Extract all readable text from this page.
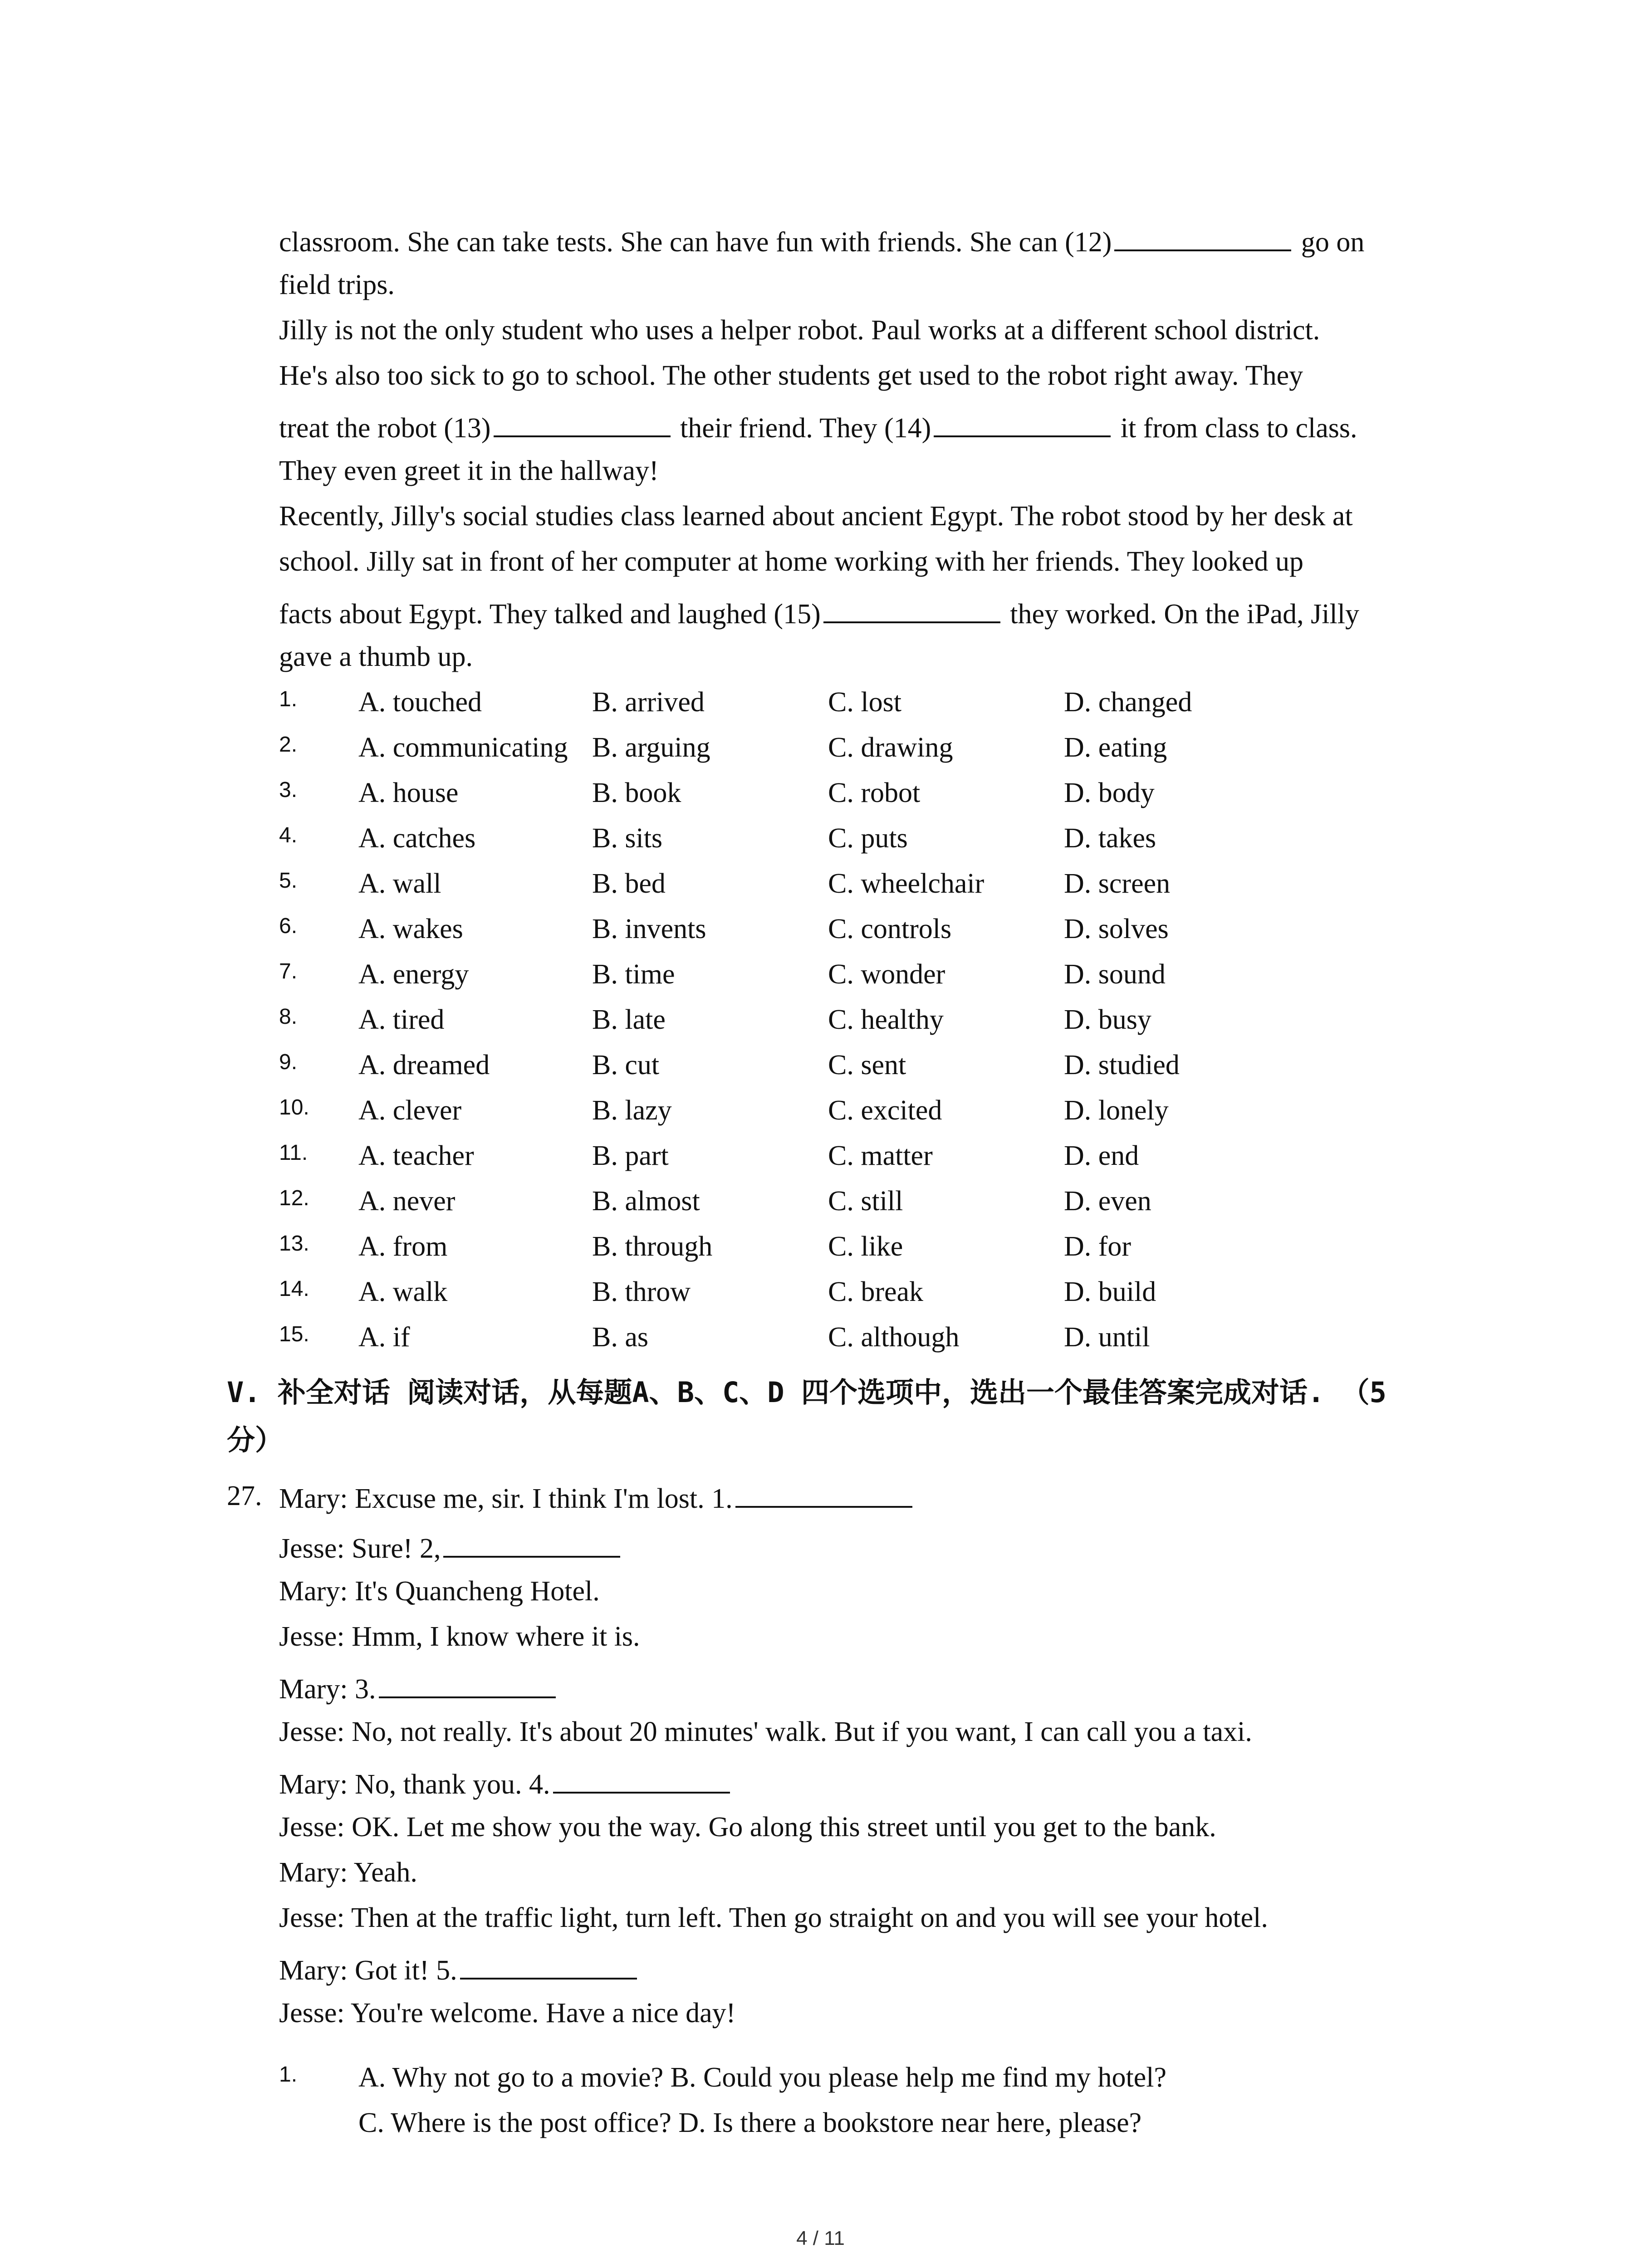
classroom. She can take tests. She can have fun with friends. She can (12)	go on
field trips.
Jilly is not the only student who uses a helper robot. Paul works at a different school district.
He's also too sick to go to school. The other students get used to the robot right away. They
treat the robot (13)	their friend. They (14)	it from class to class.
They even greet it in the hallway!
Recently, Jilly's social studies class learned about ancient Egypt. The robot stood by her desk at
school. Jilly sat in front of her computer at home working with her friends. They looked up
facts about Egypt. They talked and laughed (15)	they worked. On the iPad, Jilly
gave a thumb up.
1. A. touched	B. arrived	C. lost	D. changed
2. A. communicating B. arguing	C. drawing	D. eating
3. A. house	B. book	C. robot	D. body
4. A. catches	B. sits	C. puts	D. takes
5. A. wall	B. bed	C. wheelchair	D. screen
6. A. wakes	B. invents	C. controls	D. solves
7. A. energy	B. time	C. wonder	D. sound
8. A. tired	B. late	C. healthy	D. busy
9. A. dreamed	B. cut	C. sent	D. studied
10. A. clever	B. lazy	C. excited	D. lonely
11. A. teacher	B. part	C. matter	D. end
12. A. never	B. almost	C. still	D. even
13. A. from	B. through	C. like	D. for
14. A. walk	B. throw	C. break	D. build
15. A. if	B. as	C. although	D. until
V. 补全对话 阅读对话，从每题A、B、C、D 四个选项中，选出一个最佳答案完成对话. （5
分）
27. Mary: Excuse me, sir. I think I'm lost. 1.
Jesse: Sure! 2,
Mary: It's Quancheng Hotel.
Jesse: Hmm, I know where it is.
Mary: 3.
Jesse: No, not really. It's about 20 minutes' walk. But if you want, I can call you a taxi.
Mary: No, thank you. 4.
Jesse: OK. Let me show you the way. Go along this street until you get to the bank.
Mary: Yeah.
Jesse: Then at the traffic light, turn left. Then go straight on and you will see your hotel.
Mary: Got it! 5.
Jesse: You're welcome. Have a nice day!
1. A. Why not go to a movie? B. Could you please help me find my hotel?
C. Where is the post office? D. Is there a bookstore near here, please?
4 / 11
